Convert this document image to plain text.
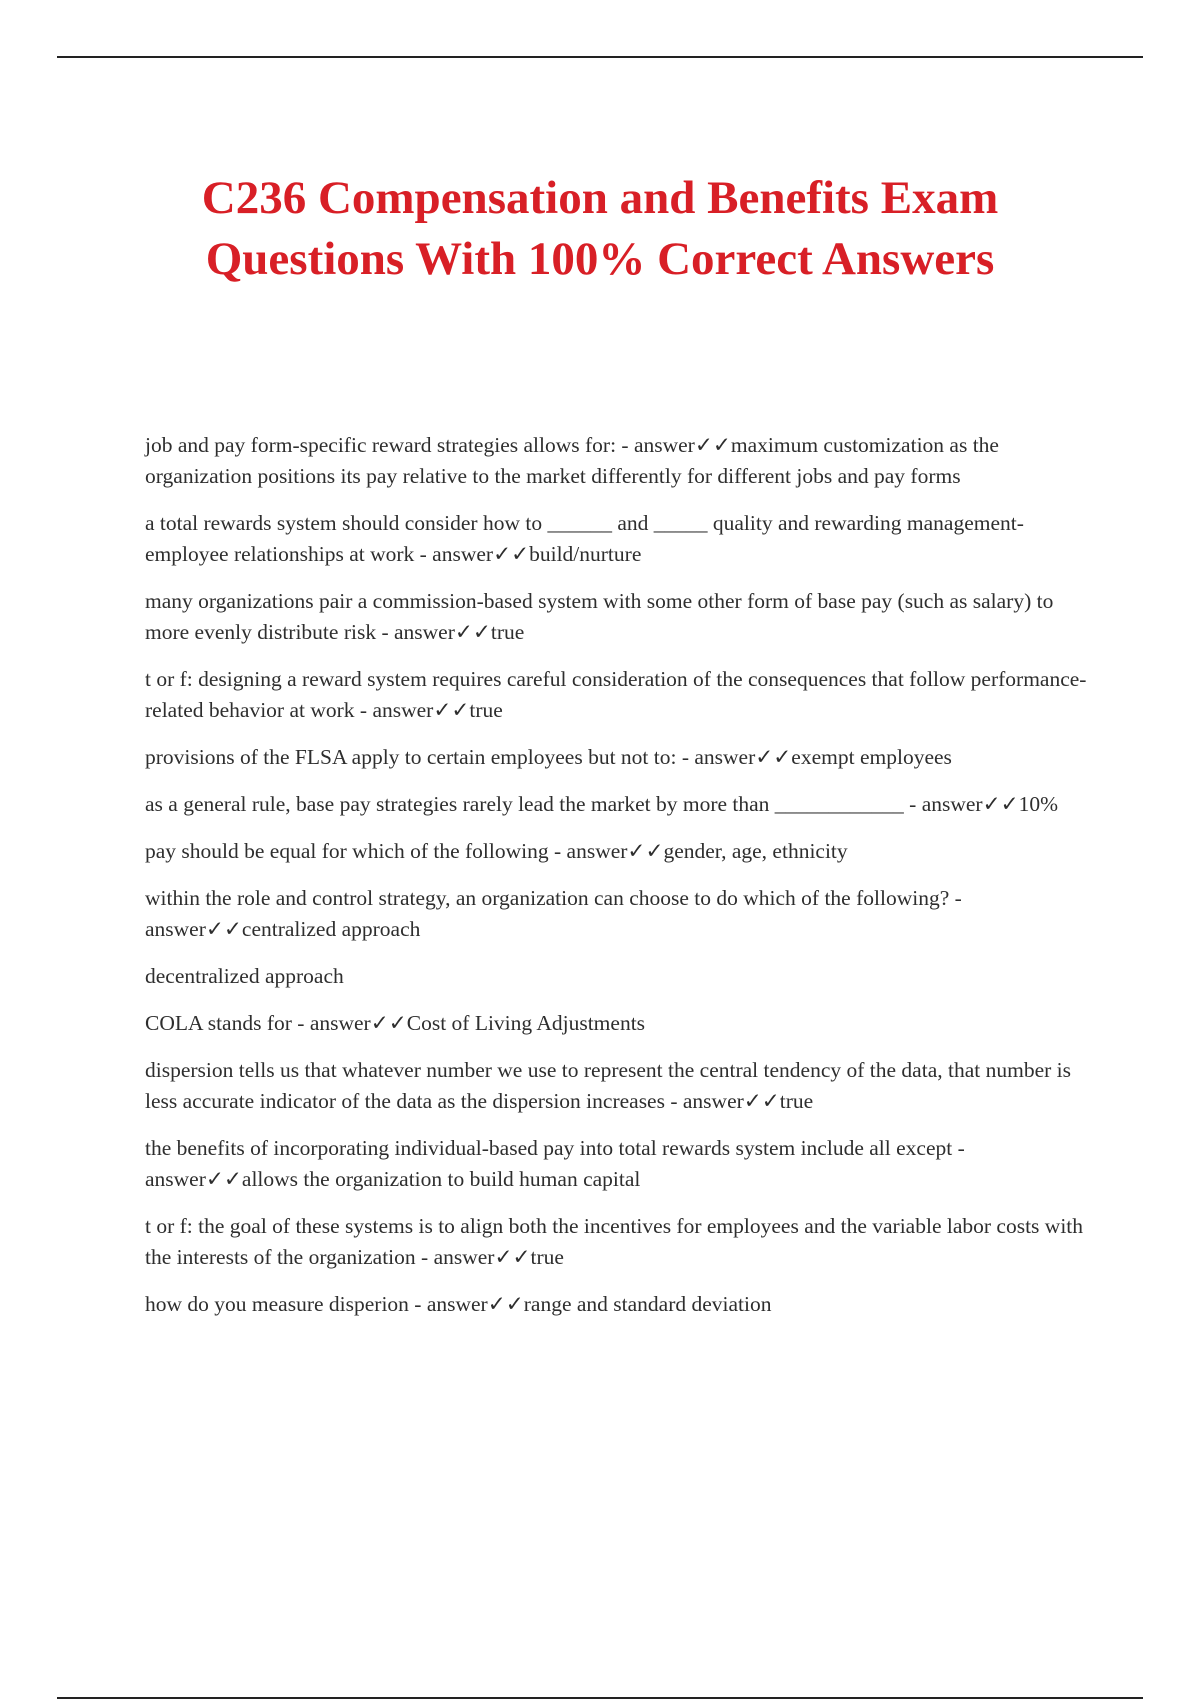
C236 Compensation and Benefits Exam
Questions With 100% Correct Answers

job and pay form-specific reward strategies allows for: - answer✓✓maximum customization as the organization positions its pay relative to the market differently for different jobs and pay forms

a total rewards system should consider how to ______ and _____ quality and rewarding management-employee relationships at work - answer✓✓build/nurture

many organizations pair a commission-based system with some other form of base pay (such as salary) to more evenly distribute risk - answer✓✓true

t or f: designing a reward system requires careful consideration of the consequences that follow performance-related behavior at work - answer✓✓true

provisions of the FLSA apply to certain employees but not to: - answer✓✓exempt employees

as a general rule, base pay strategies rarely lead the market by more than ____________ - answer✓✓10%

pay should be equal for which of the following - answer✓✓gender, age, ethnicity

within the role and control strategy, an organization can choose to do which of the following? - answer✓✓centralized approach

decentralized approach

COLA stands for - answer✓✓Cost of Living Adjustments

dispersion tells us that whatever number we use to represent the central tendency of the data, that number is less accurate indicator of the data as the dispersion increases - answer✓✓true

the benefits of incorporating individual-based pay into total rewards system include all except - answer✓✓allows the organization to build human capital

t or f: the goal of these systems is to align both the incentives for employees and the variable labor costs with the interests of the organization - answer✓✓true

how do you measure disperion - answer✓✓range and standard deviation
